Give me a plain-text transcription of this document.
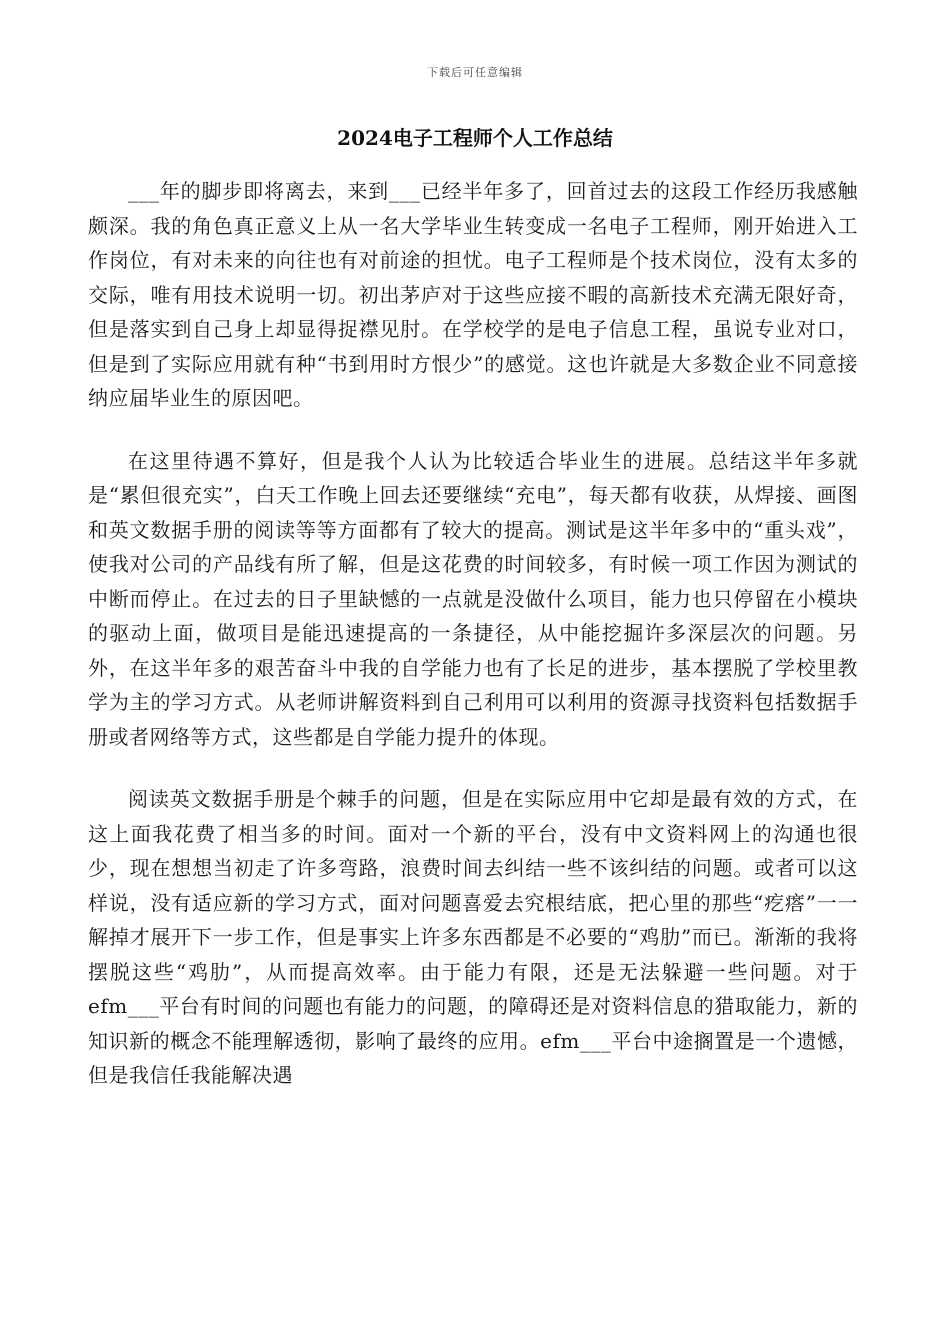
下载后可任意编辑
2024电子工程师个人工作总结

___年的脚步即将离去，来到___已经半年多了，回首过去的这段工作经历我感触颇深。我的角色真正意义上从一名大学毕业生转变成一名电子工程师，刚开始进入工作岗位，有对未来的向往也有对前途的担忧。电子工程师是个技术岗位，没有太多的交际，唯有用技术说明一切。初出茅庐对于这些应接不暇的高新技术充满无限好奇，但是落实到自己身上却显得捉襟见肘。在学校学的是电子信息工程，虽说专业对口，但是到了实际应用就有种“书到用时方恨少”的感觉。这也许就是大多数企业不同意接纳应届毕业生的原因吧。

在这里待遇不算好，但是我个人认为比较适合毕业生的进展。总结这半年多就是“累但很充实”，白天工作晚上回去还要继续“充电”，每天都有收获，从焊接、画图和英文数据手册的阅读等等方面都有了较大的提高。测试是这半年多中的“重头戏”，使我对公司的产品线有所了解，但是这花费的时间较多，有时候一项工作因为测试的中断而停止。在过去的日子里缺憾的一点就是没做什么项目，能力也只停留在小模块的驱动上面，做项目是能迅速提高的一条捷径，从中能挖掘许多深层次的问题。另外，在这半年多的艰苦奋斗中我的自学能力也有了长足的进步，基本摆脱了学校里教学为主的学习方式。从老师讲解资料到自己利用可以利用的资源寻找资料包括数据手册或者网络等方式，这些都是自学能力提升的体现。

阅读英文数据手册是个棘手的问题，但是在实际应用中它却是最有效的方式，在这上面我花费了相当多的时间。面对一个新的平台，没有中文资料网上的沟通也很少，现在想想当初走了许多弯路，浪费时间去纠结一些不该纠结的问题。或者可以这样说，没有适应新的学习方式，面对问题喜爱去究根结底，把心里的那些“疙瘩”一一解掉才展开下一步工作，但是事实上许多东西都是不必要的“鸡肋”而已。渐渐的我将摆脱这些“鸡肋”，从而提高效率。由于能力有限，还是无法躲避一些问题。对于efm___平台有时间的问题也有能力的问题，的障碍还是对资料信息的猎取能力，新的知识新的概念不能理解透彻，影响了最终的应用。efm___平台中途搁置是一个遗憾，但是我信任我能解决遇
